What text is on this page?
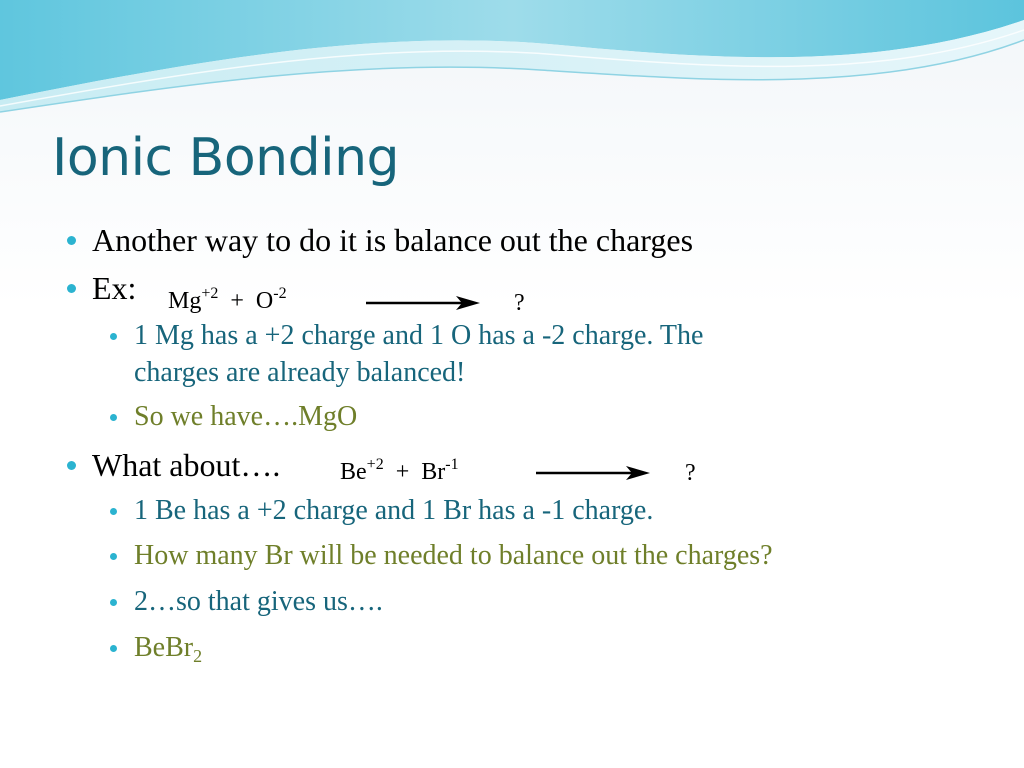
Ionic Bonding
Another way to do it is balance out the charges
Ex: $Mg^{+2} + O^{-2}$	?
1 Mg has a +2 charge and 1 O has a -2 charge. The
charges are already balanced!
So we have….MgO
What about…. $Be^{+2} + Br^{-1}$	?
1 Be has a +2 charge and 1 Br has a -1 charge.
How many Br will be needed to balance out the charges?
2…so that gives us….
BeBr$_2$
